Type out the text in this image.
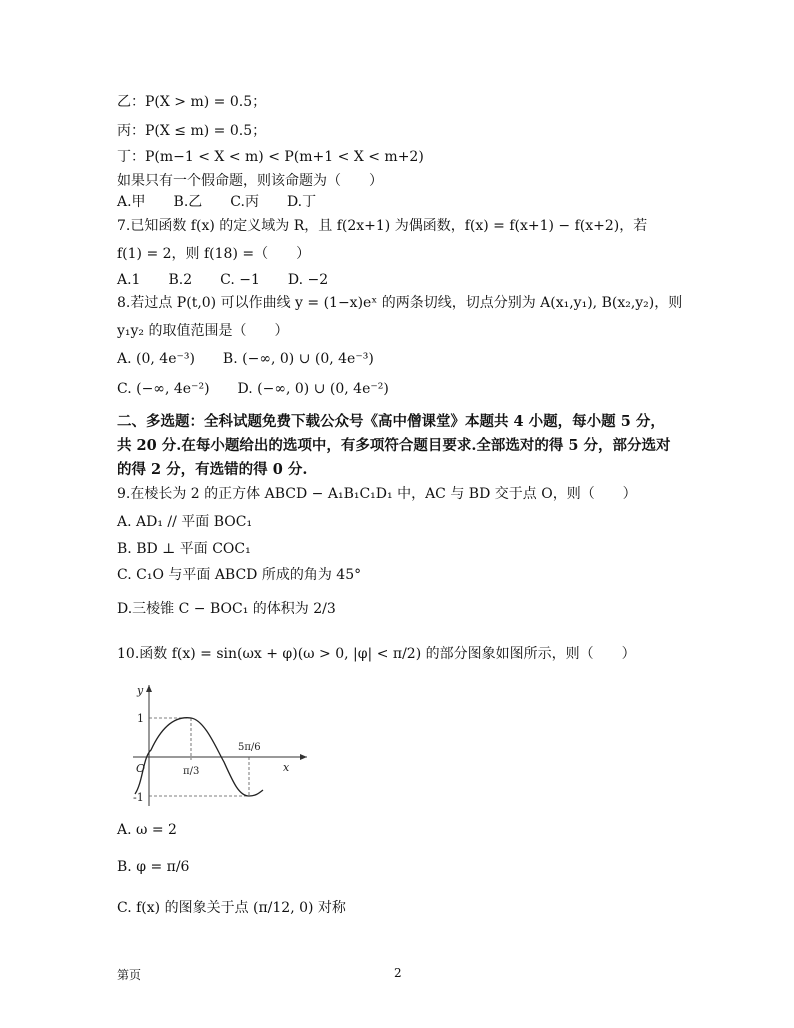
乙：P(X > m) = 0.5；
丙：P(X ≤ m) = 0.5；
丁：P(m−1 < X < m) < P(m+1 < X < m+2)
如果只有一个假命题，则该命题为（　　）
A.甲　　B.乙　　C.丙　　D.丁
7.已知函数 f(x) 的定义域为 R，且 f(2x+1) 为偶函数，f(x) = f(x+1) − f(x+2)，若
f(1) = 2，则 f(18) =（　　）
A.1　　B.2　　C. −1　　D. −2
8.若过点 P(t,0) 可以作曲线 y = (1−x)eˣ 的两条切线，切点分别为 A(x₁,y₁), B(x₂,y₂)，则
y₁y₂ 的取值范围是（　　）
A. (0, 4e⁻³)　　B. (−∞, 0) ∪ (0, 4e⁻³)
C. (−∞, 4e⁻²)　　D. (−∞, 0) ∪ (0, 4e⁻²)
二、多选题：全科试题免费下载公众号《高中僧课堂》本题共 4 小题，每小题 5 分，共 20 分.在每小题给出的选项中，有多项符合题目要求.全部选对的得 5 分，部分选对的得 2 分，有选错的得 0 分.
9.在棱长为 2 的正方体 ABCD − A₁B₁C₁D₁ 中，AC 与 BD 交于点 O，则（　　）
A. AD₁ // 平面 BOC₁
B. BD ⊥ 平面 COC₁
C. C₁O 与平面 ABCD 所成的角为 45°
D.三棱锥 C − BOC₁ 的体积为 2/3
10.函数 f(x) = sin(ωx + φ)(ω > 0, |φ| < π/2) 的部分图象如图所示，则（　　）
y
x
O
1
-1
π/3
5π/6
A. ω = 2
B. φ = π/6
C. f(x) 的图象关于点 (π/12, 0) 对称
第页	2
